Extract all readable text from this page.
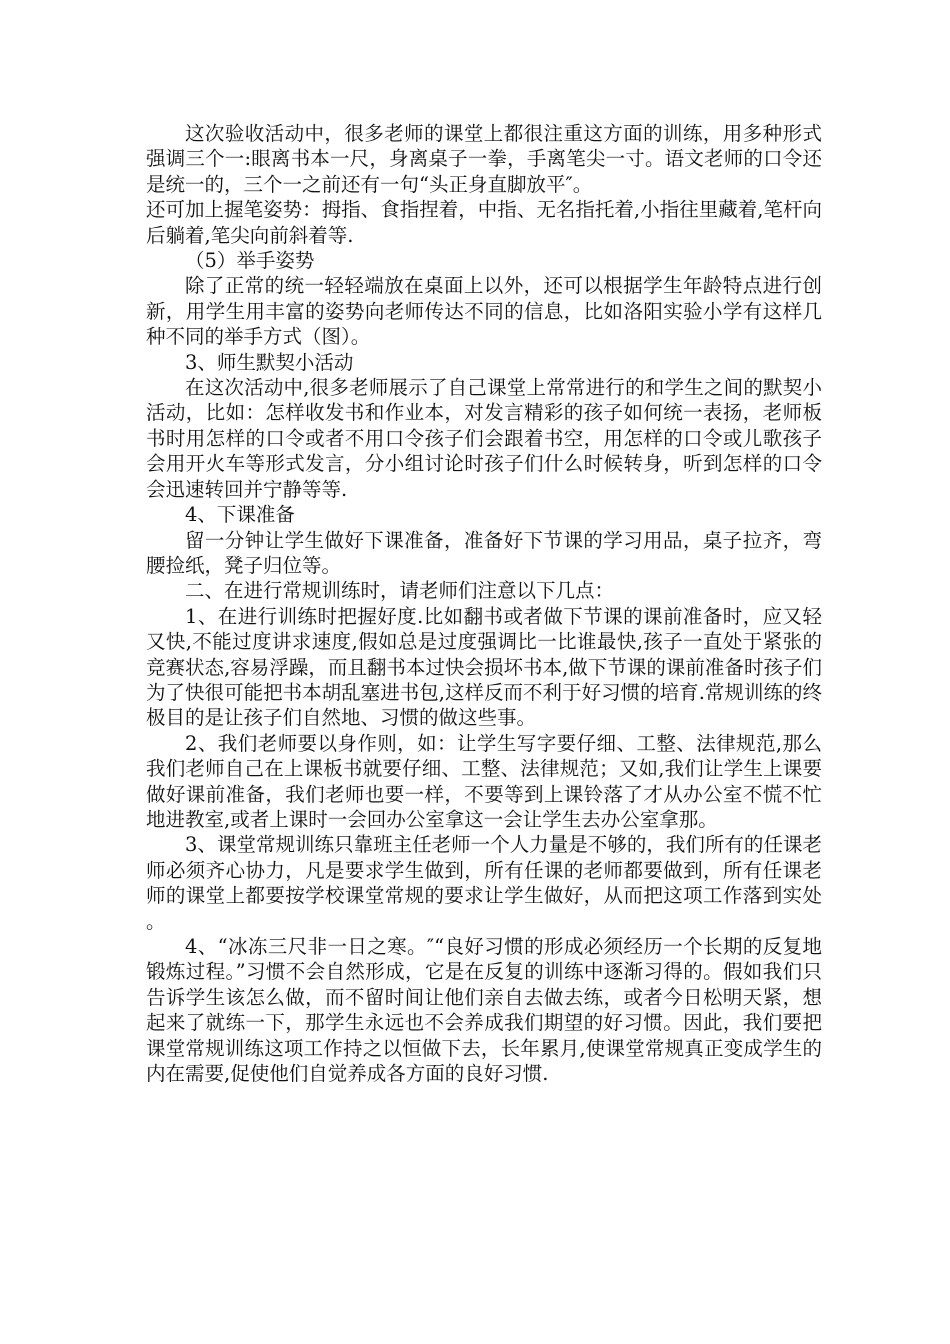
这次验收活动中，很多老师的课堂上都很注重这方面的训练，用多种形式强调三个一:眼离书本一尺，身离桌子一拳，手离笔尖一寸。语文老师的口令还是统一的，三个一之前还有一句“头正身直脚放平″。

还可加上握笔姿势：拇指、食指捏着，中指、无名指托着,小指往里藏着,笔杆向后躺着,笔尖向前斜着等.

（5）举手姿势

除了正常的统一轻轻端放在桌面上以外，还可以根据学生年龄特点进行创新，用学生用丰富的姿势向老师传达不同的信息，比如洛阳实验小学有这样几种不同的举手方式（图）。

3、师生默契小活动

在这次活动中,很多老师展示了自己课堂上常常进行的和学生之间的默契小活动，比如：怎样收发书和作业本，对发言精彩的孩子如何统一表扬，老师板书时用怎样的口令或者不用口令孩子们会跟着书空，用怎样的口令或儿歌孩子会用开火车等形式发言，分小组讨论时孩子们什么时候转身，听到怎样的口令会迅速转回并宁静等等.

4、下课准备

留一分钟让学生做好下课准备，准备好下节课的学习用品，桌子拉齐，弯腰捡纸，凳子归位等。

二、在进行常规训练时，请老师们注意以下几点：

1、在进行训练时把握好度.比如翻书或者做下节课的课前准备时，应又轻又快,不能过度讲求速度,假如总是过度强调比一比谁最快,孩子一直处于紧张的竞赛状态,容易浮躁，而且翻书本过快会损坏书本,做下节课的课前准备时孩子们为了快很可能把书本胡乱塞进书包,这样反而不利于好习惯的培育.常规训练的终极目的是让孩子们自然地、习惯的做这些事。

2、我们老师要以身作则，如：让学生写字要仔细、工整、法律规范,那么我们老师自己在上课板书就要仔细、工整、法律规范；又如,我们让学生上课要做好课前准备，我们老师也要一样，不要等到上课铃落了才从办公室不慌不忙地进教室,或者上课时一会回办公室拿这一会让学生去办公室拿那。

3、课堂常规训练只靠班主任老师一个人力量是不够的，我们所有的任课老师必须齐心协力，凡是要求学生做到，所有任课的老师都要做到，所有任课老师的课堂上都要按学校课堂常规的要求让学生做好，从而把这项工作落到实处。

4、“冰冻三尺非一日之寒。″“良好习惯的形成必须经历一个长期的反复地锻炼过程。”习惯不会自然形成，它是在反复的训练中逐渐习得的。假如我们只告诉学生该怎么做，而不留时间让他们亲自去做去练，或者今日松明天紧，想起来了就练一下，那学生永远也不会养成我们期望的好习惯。因此，我们要把课堂常规训练这项工作持之以恒做下去，长年累月,使课堂常规真正变成学生的内在需要,促使他们自觉养成各方面的良好习惯.
